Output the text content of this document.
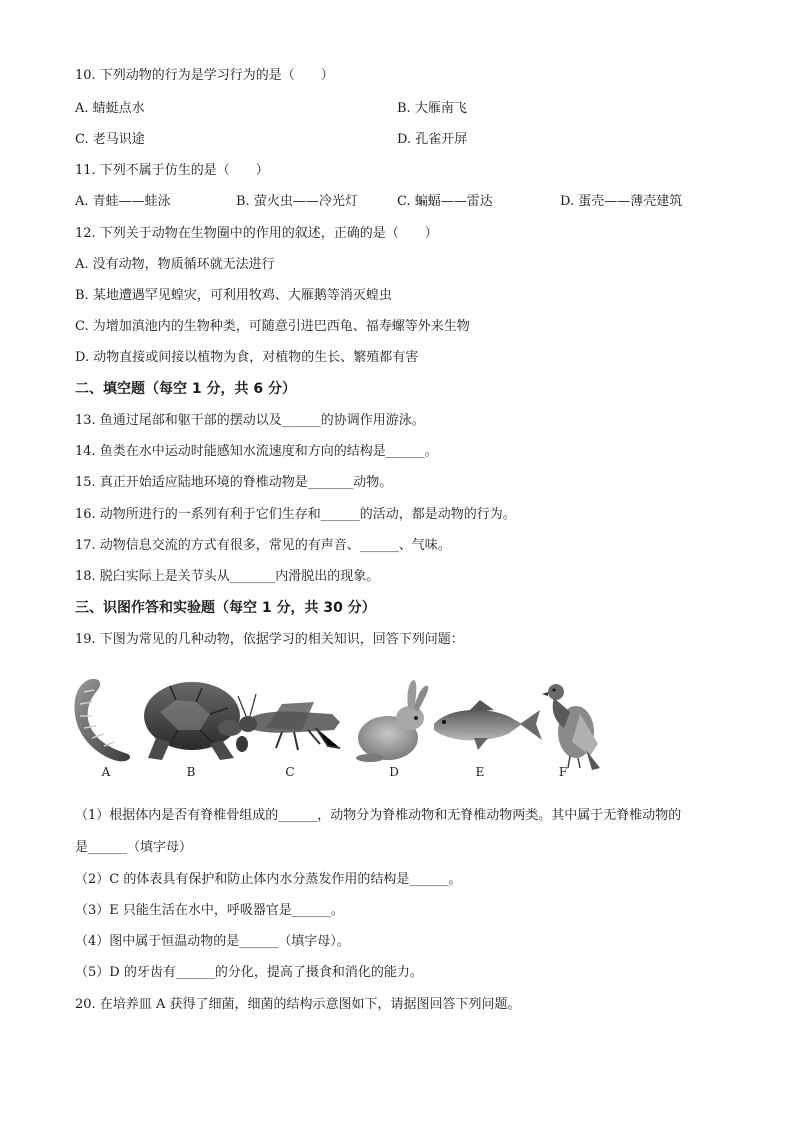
10. 下列动物的行为是学习行为的是（　　）
A. 蜻蜓点水	B. 大雁南飞
C. 老马识途	D. 孔雀开屏
11. 下列不属于仿生的是（　　）
A. 青蛙——蛙泳	B. 萤火虫——冷光灯	C. 蝙蝠——雷达	D. 蛋壳——薄壳建筑
12. 下列关于动物在生物圈中的作用的叙述，正确的是（　　）
A. 没有动物，物质循环就无法进行
B. 某地遭遇罕见蝗灾，可利用牧鸡、大雁鹅等消灭蝗虫
C. 为增加滇池内的生物种类，可随意引进巴西龟、福寿螺等外来生物
D. 动物直接或间接以植物为食，对植物的生长、繁殖都有害
二、填空题（每空 1 分，共 6 分）
13. 鱼通过尾部和躯干部的摆动以及______的协调作用游泳。
14. 鱼类在水中运动时能感知水流速度和方向的结构是______。
15. 真正开始适应陆地环境的脊椎动物是_______动物。
16. 动物所进行的一系列有利于它们生存和______的活动，都是动物的行为。
17. 动物信息交流的方式有很多，常见的有声音、______、气味。
18. 脱臼实际上是关节头从_______内滑脱出的现象。
三、识图作答和实验题（每空 1 分，共 30 分）
19. 下图为常见的几种动物，依据学习的相关知识，回答下列问题：
A	B	C	D	E	F
（1）根据体内是否有脊椎骨组成的______，动物分为脊椎动物和无脊椎动物两类。其中属于无脊椎动物的
是______（填字母）
（2）C 的体表具有保护和防止体内水分蒸发作用的结构是______。
（3）E 只能生活在水中，呼吸器官是______。
（4）图中属于恒温动物的是______（填字母）。
（5）D 的牙齿有______的分化，提高了摄食和消化的能力。
20. 在培养皿 A 获得了细菌，细菌的结构示意图如下，请据图回答下列问题。
